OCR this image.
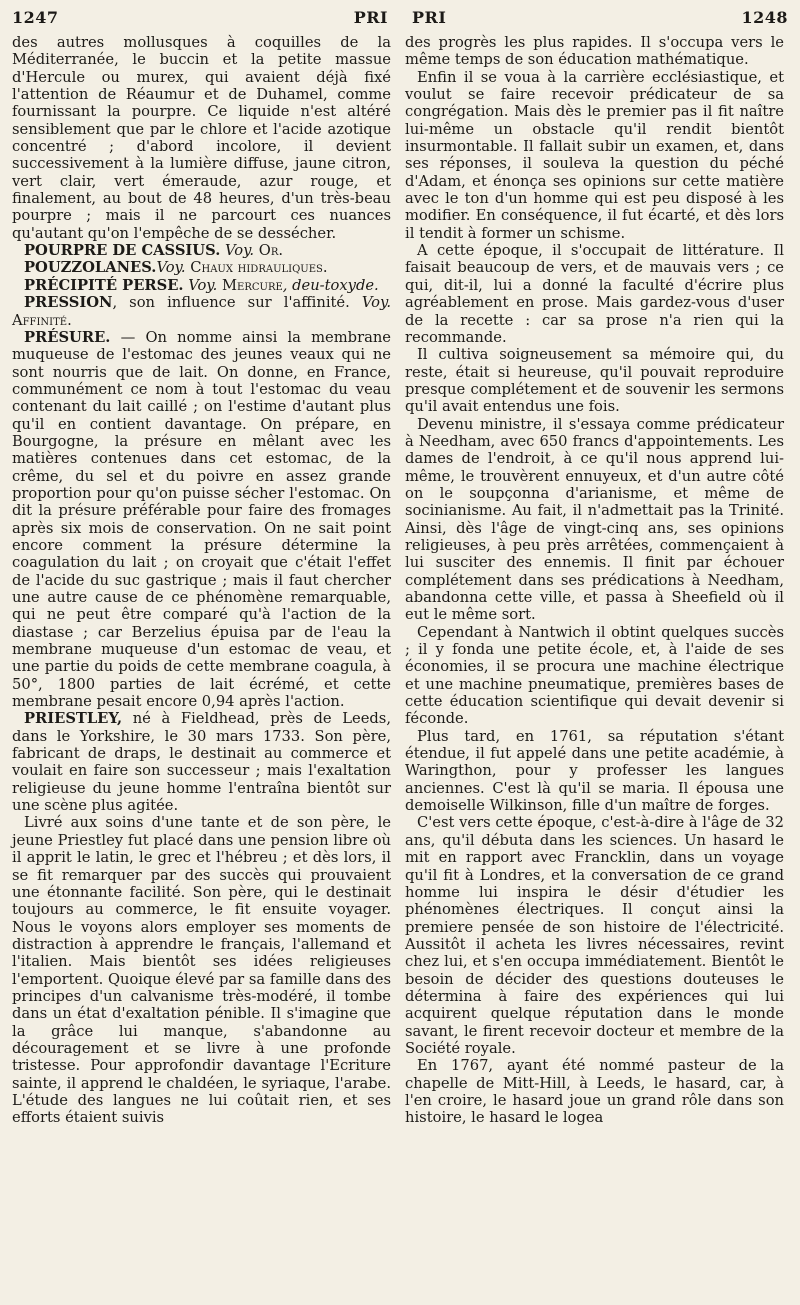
1247	PRI PRI	1248

des autres mollusques à coquilles de la Méditerranée, le buccin et la petite massue d'Hercule ou murex, qui avaient déjà fixé l'attention de Réaumur et de Duhamel, comme fournissant la pourpre. Ce liquide n'est altéré sensiblement que par le chlore et l'acide azotique concentré ; d'abord incolore, il devient successivement à la lumière diffuse, jaune citron, vert clair, vert émeraude, azur rouge, et finalement, au bout de 48 heures, d'un très-beau pourpre ; mais il ne parcourt ces nuances qu'autant qu'on l'empêche de se dessécher.

POURPRE DE CASSIUS. Voy. Or.

POUZZOLANES.Voy. Chaux hidrauliques.

PRÉCIPITÉ PERSE. Voy. Mercure, deu-toxyde.

PRESSION, son influence sur l'affinité. Voy. Affinité.

PRÉSURE. — On nomme ainsi la membrane muqueuse de l'estomac des jeunes veaux qui ne sont nourris que de lait. On donne, en France, communément ce nom à tout l'estomac du veau contenant du lait caillé ; on l'estime d'autant plus qu'il en contient davantage. On prépare, en Bourgogne, la présure en mêlant avec les matières contenues dans cet estomac, de la crême, du sel et du poivre en assez grande proportion pour qu'on puisse sécher l'estomac. On dit la présure préférable pour faire des fromages après six mois de conservation. On ne sait point encore comment la présure détermine la coagulation du lait ; on croyait que c'était l'effet de l'acide du suc gastrique ; mais il faut chercher une autre cause de ce phénomène remarquable, qui ne peut être comparé qu'à l'action de la diastase ; car Berzelius épuisa par de l'eau la membrane muqueuse d'un estomac de veau, et une partie du poids de cette membrane coagula, à 50°, 1800 parties de lait écrémé, et cette membrane pesait encore 0,94 après l'action.

PRIESTLEY, né à Fieldhead, près de Leeds, dans le Yorkshire, le 30 mars 1733. Son père, fabricant de draps, le destinait au commerce et voulait en faire son successeur ; mais l'exaltation religieuse du jeune homme l'entraîna bientôt sur une scène plus agitée.

Livré aux soins d'une tante et de son père, le jeune Priestley fut placé dans une pension libre où il apprit le latin, le grec et l'hébreu ; et dès lors, il se fit remarquer par des succès qui prouvaient une étonnante facilité. Son père, qui le destinait toujours au commerce, le fit ensuite voyager. Nous le voyons alors employer ses moments de distraction à apprendre le français, l'allemand et l'italien. Mais bientôt ses idées religieuses l'emportent. Quoique élevé par sa famille dans des principes d'un calvanisme très-modéré, il tombe dans un état d'exaltation pénible. Il s'imagine que la grâce lui manque, s'abandonne au découragement et se livre à une profonde tristesse. Pour approfondir davantage l'Ecriture sainte, il apprend le chaldéen, le syriaque, l'arabe. L'étude des langues ne lui coûtait rien, et ses efforts étaient suivis

des progrès les plus rapides. Il s'occupa vers le même temps de son éducation mathématique.

Enfin il se voua à la carrière ecclésiastique, et voulut se faire recevoir prédicateur de sa congrégation. Mais dès le premier pas il fit naître lui-même un obstacle qu'il rendit bientôt insurmontable. Il fallait subir un examen, et, dans ses réponses, il souleva la question du péché d'Adam, et énonça ses opinions sur cette matière avec le ton d'un homme qui est peu disposé à les modifier. En conséquence, il fut écarté, et dès lors il tendit à former un schisme.

A cette époque, il s'occupait de littérature. Il faisait beaucoup de vers, et de mauvais vers ; ce qui, dit-il, lui a donné la faculté d'écrire plus agréablement en prose. Mais gardez-vous d'user de la recette : car sa prose n'a rien qui la recommande.

Il cultiva soigneusement sa mémoire qui, du reste, était si heureuse, qu'il pouvait reproduire presque complétement et de souvenir les sermons qu'il avait entendus une fois.

Devenu ministre, il s'essaya comme prédicateur à Needham, avec 650 francs d'appointements. Les dames de l'endroit, à ce qu'il nous apprend lui-même, le trouvèrent ennuyeux, et d'un autre côté on le soupçonna d'arianisme, et même de socinianisme. Au fait, il n'admettait pas la Trinité. Ainsi, dès l'âge de vingt-cinq ans, ses opinions religieuses, à peu près arrêtées, commençaient à lui susciter des ennemis. Il finit par échouer complétement dans ses prédications à Needham, abandonna cette ville, et passa à Sheefield où il eut le même sort.

Cependant à Nantwich il obtint quelques succès ; il y fonda une petite école, et, à l'aide de ses économies, il se procura une machine électrique et une machine pneumatique, premières bases de cette éducation scientifique qui devait devenir si féconde.

Plus tard, en 1761, sa réputation s'étant étendue, il fut appelé dans une petite académie, à Waringthon, pour y professer les langues anciennes. C'est là qu'il se maria. Il épousa une demoiselle Wilkinson, fille d'un maître de forges.

C'est vers cette époque, c'est-à-dire à l'âge de 32 ans, qu'il débuta dans les sciences. Un hasard le mit en rapport avec Francklin, dans un voyage qu'il fit à Londres, et la conversation de ce grand homme lui inspira le désir d'étudier les phénomènes électriques. Il conçut ainsi la premiere pensée de son histoire de l'électricité. Aussitôt il acheta les livres nécessaires, revint chez lui, et s'en occupa immédiatement. Bientôt le besoin de décider des questions douteuses le détermina à faire des expériences qui lui acquirent quelque réputation dans le monde savant, le firent recevoir docteur et membre de la Société royale.

En 1767, ayant été nommé pasteur de la chapelle de Mitt-Hill, à Leeds, le hasard, car, à l'en croire, le hasard joue un grand rôle dans son histoire, le hasard le logea
